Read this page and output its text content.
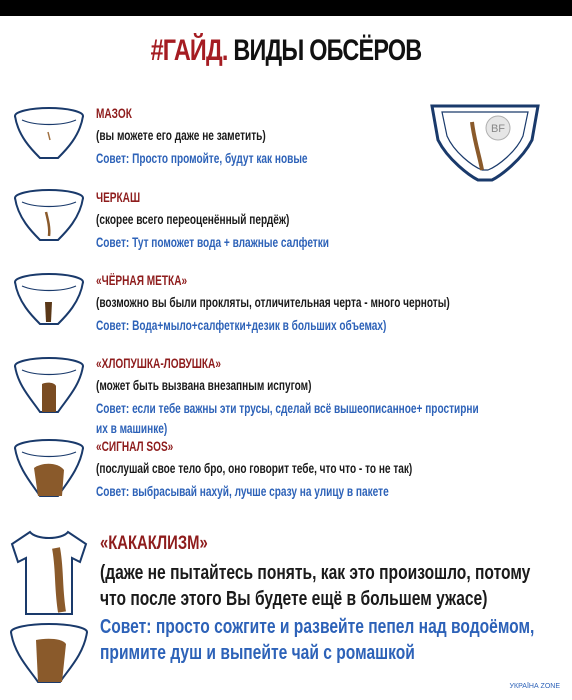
#ГАЙД. ВИДЫ ОБСЁРОВ
BF
МАЗОК
(вы можете его даже не заметить)
Совет: Просто промойте, будут как новые
ЧЕРКАШ
(скорее всего переоценённый пердёж)
Совет: Тут поможет вода + влажные салфетки
«ЧЁРНАЯ МЕТКА»
(возможно вы были прокляты, отличительная черта - много черноты)
Совет: Вода+мыло+салфетки+дезик в больших объемах)
«ХЛОПУШКА-ЛОВУШКА»
(может быть вызвана внезапным испугом)
Совет: если тебе важны эти трусы, сделай всё вышеописанное+ простирни
их в машинке)
«СИГНАЛ SOS»
(послушай свое тело бро, оно говорит тебе, что что - то не так)
Совет: выбрасывай нахуй, лучше сразу на улицу в пакете
«КАКАКЛИЗМ»
(даже не пытайтесь понять, как это произошло, потому
что после этого Вы будете ещё в большем ужасе)
Совет: просто сожгите и развейте пепел над водоёмом,
примите душ и выпейте чай с ромашкой
УКРАЇНА ZONE
